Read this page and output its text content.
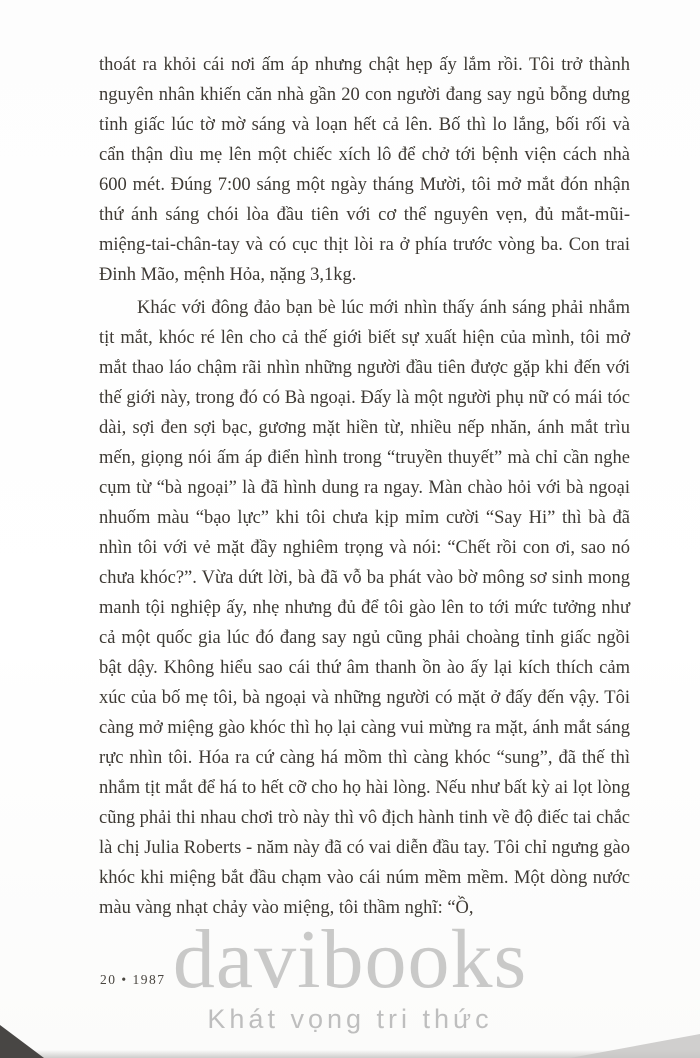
thoát ra khỏi cái nơi ấm áp nhưng chật hẹp ấy lắm rồi. Tôi trở thành nguyên nhân khiến căn nhà gần 20 con người đang say ngủ bỗng dưng tỉnh giấc lúc tờ mờ sáng và loạn hết cả lên. Bố thì lo lắng, bối rối và cẩn thận dìu mẹ lên một chiếc xích lô để chở tới bệnh viện cách nhà 600 mét. Đúng 7:00 sáng một ngày tháng Mười, tôi mở mắt đón nhận thứ ánh sáng chói lòa đầu tiên với cơ thể nguyên vẹn, đủ mắt-mũi-miệng-tai-chân-tay và có cục thịt lòi ra ở phía trước vòng ba. Con trai Đinh Mão, mệnh Hỏa, nặng 3,1kg.

Khác với đông đảo bạn bè lúc mới nhìn thấy ánh sáng phải nhắm tịt mắt, khóc ré lên cho cả thế giới biết sự xuất hiện của mình, tôi mở mắt thao láo chậm rãi nhìn những người đầu tiên được gặp khi đến với thế giới này, trong đó có Bà ngoại. Đấy là một người phụ nữ có mái tóc dài, sợi đen sợi bạc, gương mặt hiền từ, nhiều nếp nhăn, ánh mắt trìu mến, giọng nói ấm áp điển hình trong “truyền thuyết” mà chỉ cần nghe cụm từ “bà ngoại” là đã hình dung ra ngay. Màn chào hỏi với bà ngoại nhuốm màu “bạo lực” khi tôi chưa kịp mỉm cười “Say Hi” thì bà đã nhìn tôi với vẻ mặt đầy nghiêm trọng và nói: “Chết rồi con ơi, sao nó chưa khóc?”. Vừa dứt lời, bà đã vỗ ba phát vào bờ mông sơ sinh mong manh tội nghiệp ấy, nhẹ nhưng đủ để tôi gào lên to tới mức tưởng như cả một quốc gia lúc đó đang say ngủ cũng phải choàng tỉnh giấc ngồi bật dậy. Không hiểu sao cái thứ âm thanh ồn ào ấy lại kích thích cảm xúc của bố mẹ tôi, bà ngoại và những người có mặt ở đấy đến vậy. Tôi càng mở miệng gào khóc thì họ lại càng vui mừng ra mặt, ánh mắt sáng rực nhìn tôi. Hóa ra cứ càng há mồm thì càng khóc “sung”, đã thế thì nhắm tịt mắt để há to hết cỡ cho họ hài lòng. Nếu như bất kỳ ai lọt lòng cũng phải thi nhau chơi trò này thì vô địch hành tinh về độ điếc tai chắc là chị Julia Roberts - năm này đã có vai diễn đầu tay. Tôi chỉ ngưng gào khóc khi miệng bắt đầu chạm vào cái núm mềm mềm. Một dòng nước màu vàng nhạt chảy vào miệng, tôi thầm nghĩ: “Ồ,

20 • 1987 davibooks
Khát vọng tri thức
